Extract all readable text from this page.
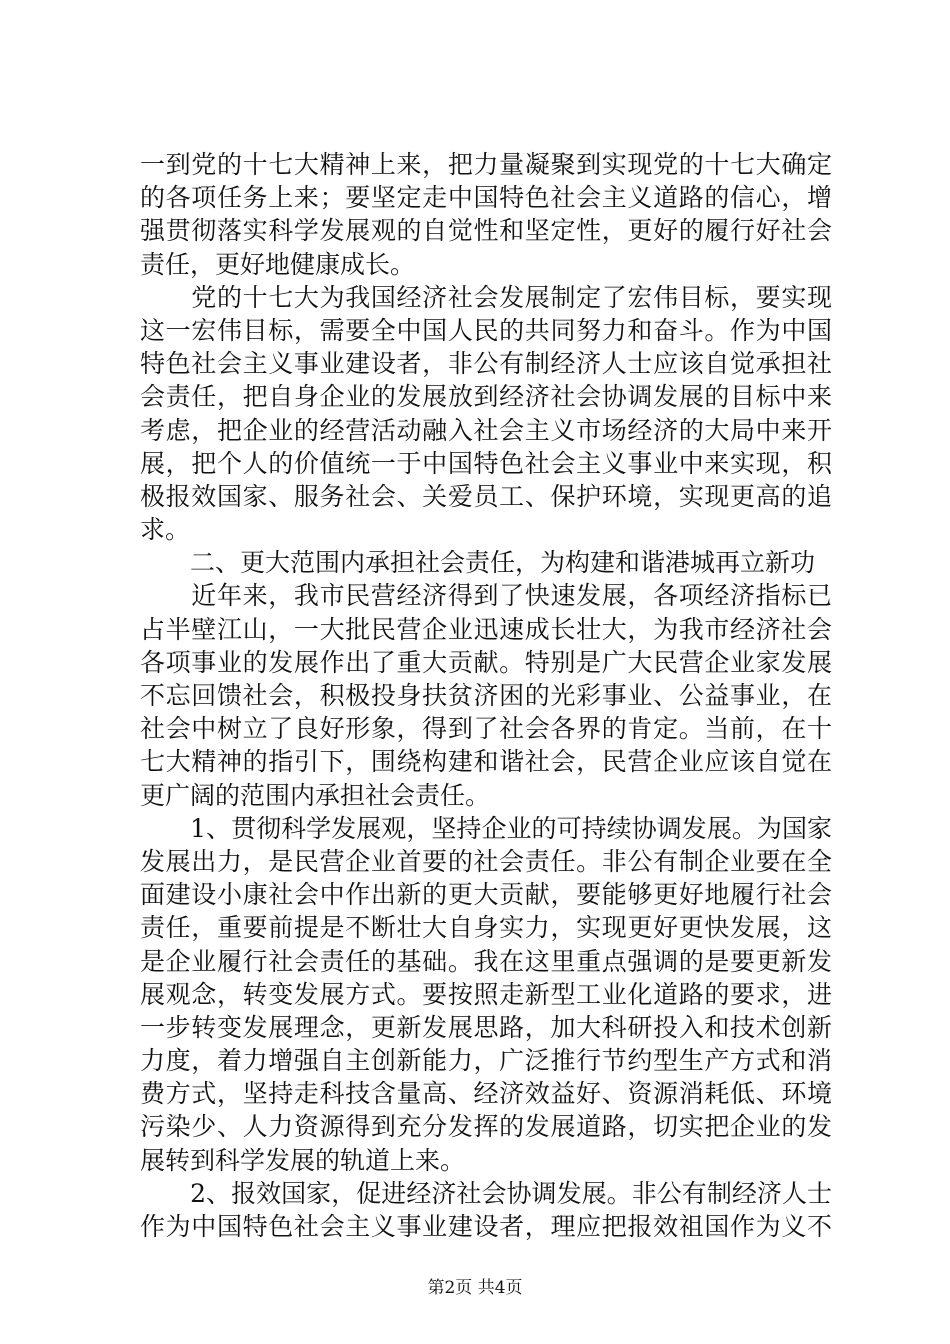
一到党的十七大精神上来，把力量凝聚到实现党的十七大确定
的各项任务上来；要坚定走中国特色社会主义道路的信心，增
强贯彻落实科学发展观的自觉性和坚定性，更好的履行好社会
责任，更好地健康成长。
　　党的十七大为我国经济社会发展制定了宏伟目标，要实现
这一宏伟目标，需要全中国人民的共同努力和奋斗。作为中国
特色社会主义事业建设者，非公有制经济人士应该自觉承担社
会责任，把自身企业的发展放到经济社会协调发展的目标中来
考虑，把企业的经营活动融入社会主义市场经济的大局中来开
展，把个人的价值统一于中国特色社会主义事业中来实现，积
极报效国家、服务社会、关爱员工、保护环境，实现更高的追
求。
　　二、更大范围内承担社会责任，为构建和谐港城再立新功
　　近年来，我市民营经济得到了快速发展，各项经济指标已
占半壁江山，一大批民营企业迅速成长壮大，为我市经济社会
各项事业的发展作出了重大贡献。特别是广大民营企业家发展
不忘回馈社会，积极投身扶贫济困的光彩事业、公益事业，在
社会中树立了良好形象，得到了社会各界的肯定。当前，在十
七大精神的指引下，围绕构建和谐社会，民营企业应该自觉在
更广阔的范围内承担社会责任。
　　1、贯彻科学发展观，坚持企业的可持续协调发展。为国家
发展出力，是民营企业首要的社会责任。非公有制企业要在全
面建设小康社会中作出新的更大贡献，要能够更好地履行社会
责任，重要前提是不断壮大自身实力，实现更好更快发展，这
是企业履行社会责任的基础。我在这里重点强调的是要更新发
展观念，转变发展方式。要按照走新型工业化道路的要求，进
一步转变发展理念，更新发展思路，加大科研投入和技术创新
力度，着力增强自主创新能力，广泛推行节约型生产方式和消
费方式，坚持走科技含量高、经济效益好、资源消耗低、环境
污染少、人力资源得到充分发挥的发展道路，切实把企业的发
展转到科学发展的轨道上来。
　　2、报效国家，促进经济社会协调发展。非公有制经济人士
作为中国特色社会主义事业建设者，理应把报效祖国作为义不
第2页 共4页
